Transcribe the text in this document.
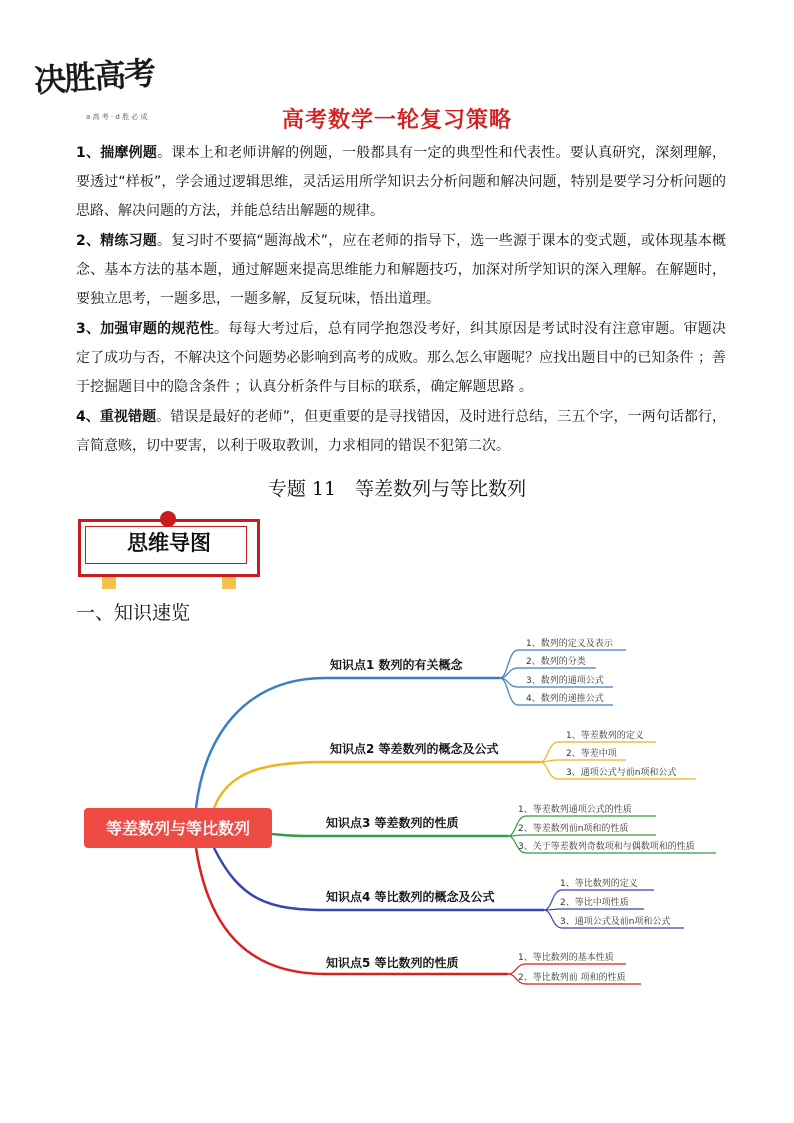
决胜高考
a 高 考 · d 胜 必 成	高考数学一轮复习策略

1、揣摩例题。课本上和老师讲解的例题，一般都具有一定的典型性和代表性。要认真研究，深刻理解，要透过“样板”，学会通过逻辑思维，灵活运用所学知识去分析问题和解决问题，特别是要学习分析问题的思路、解决问题的方法，并能总结出解题的规律。

2、精练习题。复习时不要搞“题海战术”，应在老师的指导下，选一些源于课本的变式题，或体现基本概念、基本方法的基本题，通过解题来提高思维能力和解题技巧，加深对所学知识的深入理解。在解题时，要独立思考，一题多思，一题多解，反复玩味，悟出道理。

3、加强审题的规范性。每每大考过后，总有同学抱怨没考好，纠其原因是考试时没有注意审题。审题决定了成功与否，不解决这个问题势必影响到高考的成败。那么怎么审题呢？应找出题目中的已知条件 ；善于挖掘题目中的隐含条件 ；认真分析条件与目标的联系，确定解题思路 。

4、重视错题。错误是最好的老师”，但更重要的是寻找错因，及时进行总结，三五个字，一两句话都行，言简意赅，切中要害，以利于吸取教训，力求相同的错误不犯第二次。

专题 11　等差数列与等比数列
思维导图
一、知识速览
等差数列与等比数列
知识点1 数列的有关概念
知识点2 等差数列的概念及公式
知识点3 等差数列的性质
知识点4 等比数列的概念及公式
知识点5 等比数列的性质
1、数列的定义及表示
2、数列的分类
3、数列的通项公式
4、数列的递推公式
1、等差数列的定义
2、等差中项
3、通项公式与前n项和公式
1、等差数列通项公式的性质
2、等差数列前n项和的性质
3、关于等差数列奇数项和与偶数项和的性质
1、等比数列的定义
2、等比中项性质
3、通项公式及前n项和公式
1、等比数列的基本性质
2、等比数列前 项和的性质
